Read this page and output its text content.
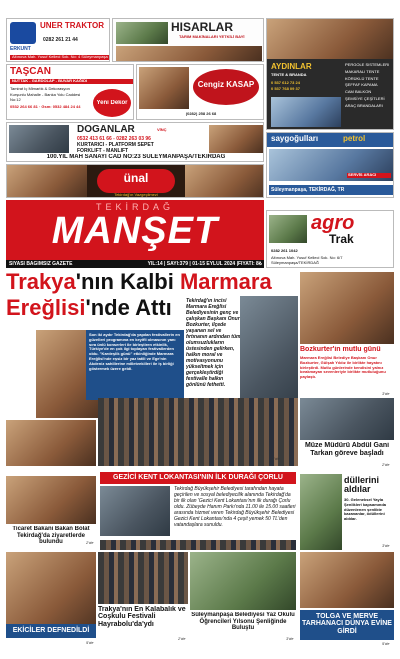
ERKUNT
ÜNER TRAKTÖR
0282 261 21 44
Altınova Mah. Yusuf Kelleci Sok. No: 4 Süleymanpaşa
HISARLAR
TARIM MAKİNALARI YETKİLİ BAYİ
AYDINLAR
TENTE & BRANDA
0 537 612 73 24
0 537 768 09 37
PERGOLE SİSTEMLERİ
MAKARALI TENTE
KÖRÜKLÜ TENTE
ŞEFFAF KAPAMA
CAM BALKON
ŞEMSİYE ÇEŞİTLERİ
ARAÇ BRANDALARI
TAŞCAN
NUTTAK - GARDOLAP - BUVAR KAĞIDI
Tamirat İç Mimarlık & Dekorasyon
Kurşunlu Mahalle - Banka Yolu Caddesi No:12
0532 264 66 81 · Gsm: 0532 484 24 44
Yeni Dekor
Cengiz KASAP
(0282) 258 26 68
DOĞANLAR	VİNÇ
0532 413 61 66 - 0282 263 03 96
KURTARICI - PLATFORM SEPET
FORKLİFT - MANLİFT
100.YIL MAH SANAYİ CAD NO:23 SÜLEYMANPAŞA/TEKİRDAĞ
ünal
Tekirdağ'ın Vazgeçilmezi
saygoğulları	petrol
SERVİS ARACI
Süleymanpaşa, TEKİRDAĞ, TR
TEKİRDAĞ
MANŞET
SİYASİ BAĞIMSIZ GAZETE	YIL:14 | SAYI:379 | 01-15 EYLÜL 2024 |FİYATI: 8₺
agro
Trak
0282 261 1042
Altınova Mah. Yusuf Kelleci Sok. No: 6/7 Süleymanpaşa/TEKİRDAĞ
Trakya'nın Kalbi Marmara
Ereğlisi'nde Attı
Son iki aydır Tekirdağ'da yapılan festivallerin en güzelleri programına en keyifli olmasının yanı sıra ünlü konserleri ile birleştiren etkinlik, Türkiye'de en çok ilgi toplayan festivallerden oldu. "Kardeşlik günü" etkinliğinde Marmara Ereğlisi'nde eşsiz bir yaz tatili ve Ege'nin Akdeniz sahillerine milletvekilleri ile iş birliği göstermek üzere geldi.
Tekirdağ'ın incisi Marmara Ereğlisi Belediyesinin genç ve çalışkan Başkanı Onur Bozkurter, ilçede yaşanan sel ve fırtınanın ardından tüm olumsuzlukların üstesinden gelirken, halkın moral ve motivasyonunu yükseltmek için gerçekleştirdiği festivalle halkın gönlünü fethetti.
2'de
Bozkurter'in mutlu günü
Marmara Ereğlisi Belediye Başkanı Onur Bozkurter, Gülşah Yıldız ile birlikte hayatını birleştirdi. Mutlu günlerinde kendisini yalnız bırakmayan sevenleriyle birlikte mutluluğunu paylaştı.
3'de
Müze Müdürü Abdül Gani Tarkan göreve başladı
2'de
GEZİCİ KENT LOKANTASI'NIN İLK DURAĞI ÇORLU
Tekirdağ Büyükşehir Belediyesi tarafından hayata geçirilen ve sosyal belediyecilik alanında Tekirdağ'da bir ilk olan 'Gezici Kent Lokantası'nın ilk durağı Çorlu oldu. Zübeyde Hanım Parkı'nda 11.00 ile 15.00 saatleri arasında hizmet veren Tekirdağ Büyükşehir Belediyesi Gezici Kent Lokantası'nda 4 çeşit yemek 50 TL'den vatandaşlara sunuldu.
Ticaret Bakanı Bakan Bolat Tekirdağ'da ziyaretlerde bulundu	2'de
düllerini aldılar
30. Geleneksel Yayla Şenlikleri kapsamında düzenlenen şenlikte kazananlar, ödüllerini aldılar.
3'de
EKİCİLER DEFNEDİLDİ
5'de
Trakya'nın En Kalabalık ve Coşkulu Festivali Hayrabolu'da'ydı
2'de
Süleymanpaşa Belediyesi Yaz Okulu Öğrencileri Yılsonu Şenliğinde Buluştu
3'de
TOLGA VE MERVE TARHANACI DÜNYA EVİNE GİRDİ
5'de
